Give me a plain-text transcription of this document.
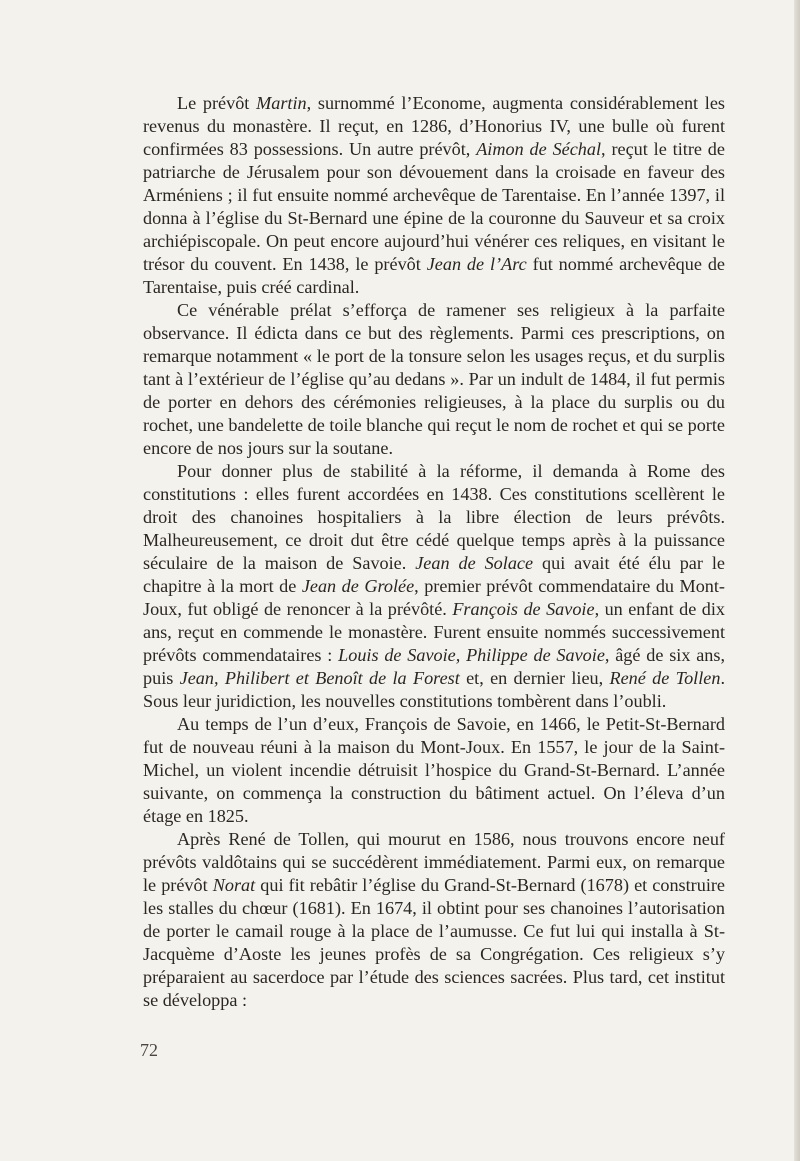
Le prévôt Martin, surnommé l’Econome, augmenta considérablement les revenus du monastère. Il reçut, en 1286, d’Honorius IV, une bulle où furent confirmées 83 possessions. Un autre prévôt, Aimon de Séchal, reçut le titre de patriarche de Jérusalem pour son dévouement dans la croisade en faveur des Arméniens ; il fut ensuite nommé archevêque de Tarentaise. En l’année 1397, il donna à l’église du St-Bernard une épine de la couronne du Sauveur et sa croix archiépiscopale. On peut encore aujourd’hui vénérer ces reliques, en visitant le trésor du couvent. En 1438, le prévôt Jean de l’Arc fut nommé archevêque de Tarentaise, puis créé cardinal.

Ce vénérable prélat s’efforça de ramener ses religieux à la parfaite observance. Il édicta dans ce but des règlements. Parmi ces prescriptions, on remarque notamment « le port de la tonsure selon les usages reçus, et du surplis tant à l’extérieur de l’église qu’au dedans ». Par un indult de 1484, il fut permis de porter en dehors des cérémonies religieuses, à la place du surplis ou du rochet, une bandelette de toile blanche qui reçut le nom de rochet et qui se porte encore de nos jours sur la soutane.

Pour donner plus de stabilité à la réforme, il demanda à Rome des constitutions : elles furent accordées en 1438. Ces constitutions scellèrent le droit des chanoines hospitaliers à la libre élection de leurs prévôts. Malheureusement, ce droit dut être cédé quelque temps après à la puissance séculaire de la maison de Savoie. Jean de Solace qui avait été élu par le chapitre à la mort de Jean de Grolée, premier prévôt commendataire du Mont-Joux, fut obligé de renoncer à la prévôté. François de Savoie, un enfant de dix ans, reçut en commende le monastère. Furent ensuite nommés successivement prévôts commendataires : Louis de Savoie, Philippe de Savoie, âgé de six ans, puis Jean, Philibert et Benoît de la Forest et, en dernier lieu, René de Tollen. Sous leur juridiction, les nouvelles constitutions tombèrent dans l’oubli.

Au temps de l’un d’eux, François de Savoie, en 1466, le Petit-St-Bernard fut de nouveau réuni à la maison du Mont-Joux. En 1557, le jour de la Saint-Michel, un violent incendie détruisit l’hospice du Grand-St-Bernard. L’année suivante, on commença la construction du bâtiment actuel. On l’éleva d’un étage en 1825.

Après René de Tollen, qui mourut en 1586, nous trouvons encore neuf prévôts valdôtains qui se succédèrent immédiatement. Parmi eux, on remarque le prévôt Norat qui fit rebâtir l’église du Grand-St-Bernard (1678) et construire les stalles du chœur (1681). En 1674, il obtint pour ses chanoines l’autorisation de porter le camail rouge à la place de l’aumusse. Ce fut lui qui installa à St-Jacquème d’Aoste les jeunes profès de sa Congrégation. Ces religieux s’y préparaient au sacerdoce par l’étude des sciences sacrées. Plus tard, cet institut se développa :

72
